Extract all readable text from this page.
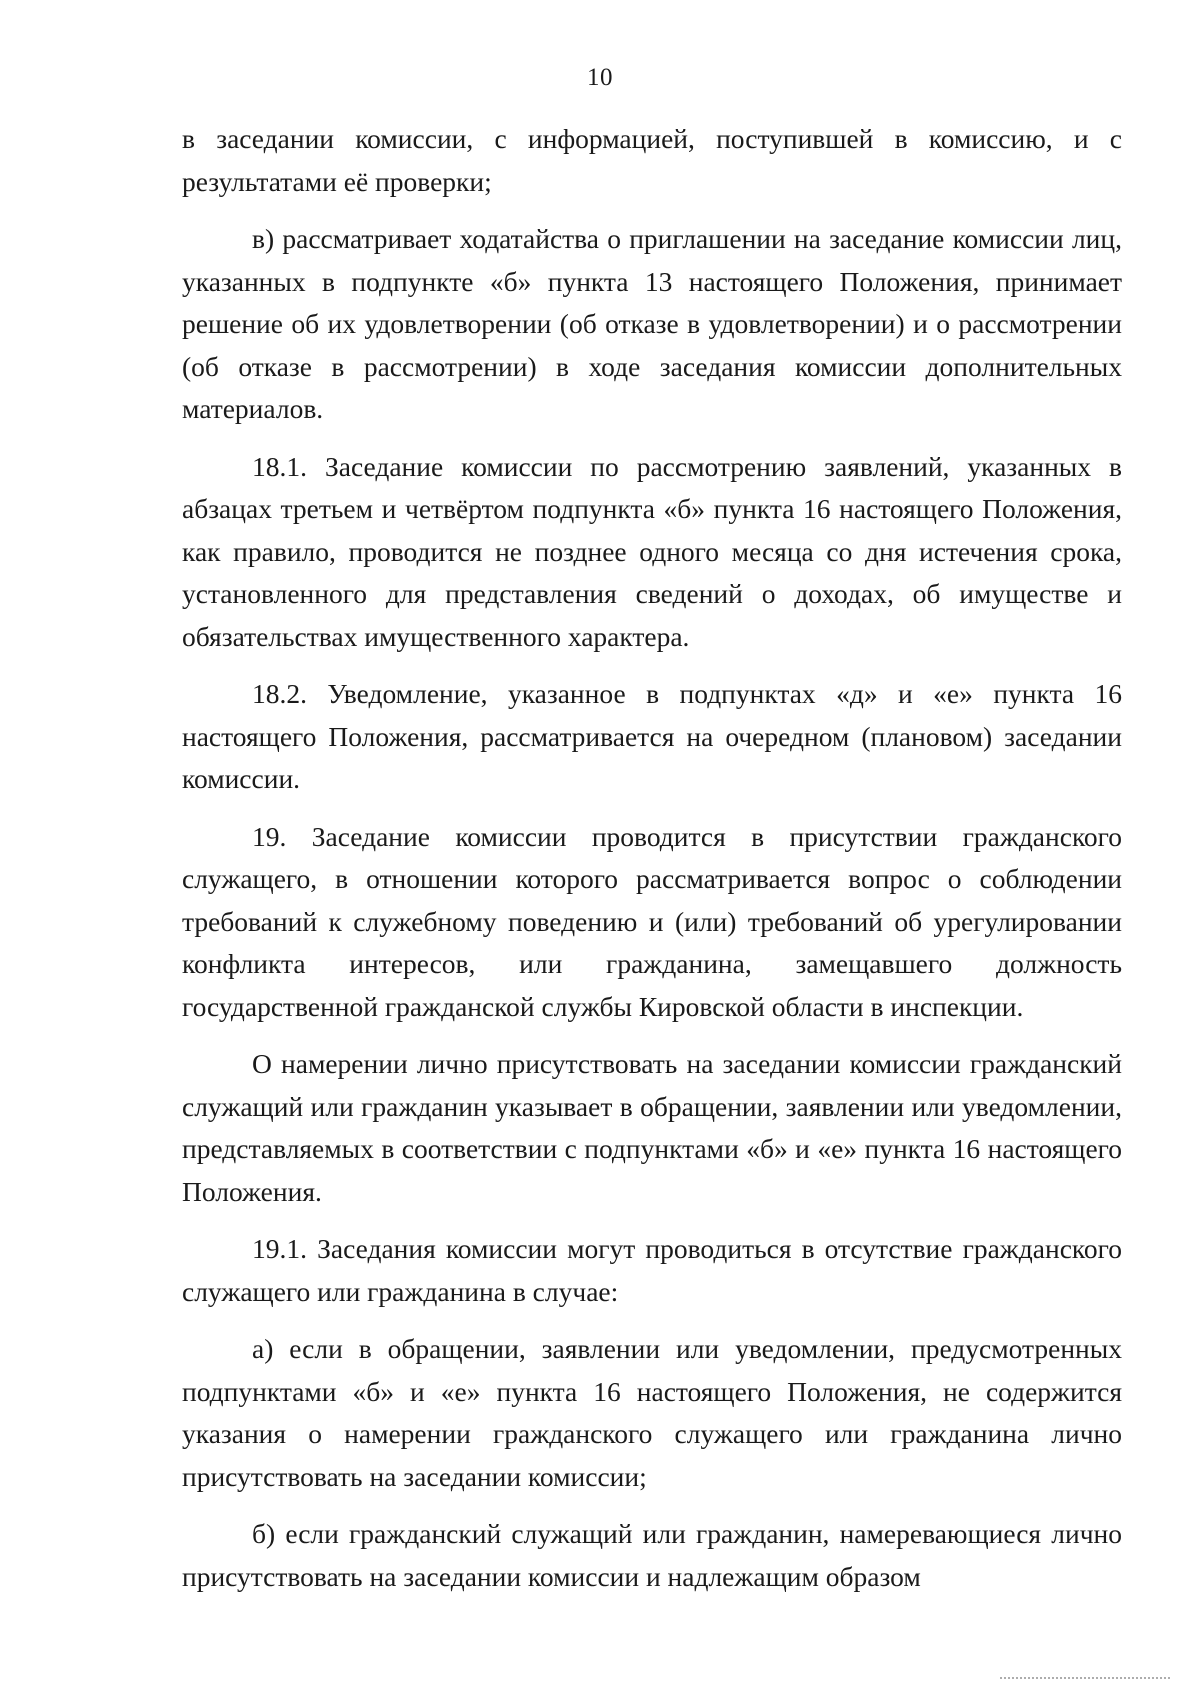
10

в заседании комиссии, с информацией, поступившей в комиссию, и с результатами её проверки;

в) рассматривает ходатайства о приглашении на заседание комиссии лиц, указанных в подпункте «б» пункта 13 настоящего Положения, принимает решение об их удовлетворении (об отказе в удовлетворении) и о рассмотрении (об отказе в рассмотрении) в ходе заседания комиссии дополнительных материалов.

18.1. Заседание комиссии по рассмотрению заявлений, указанных в абзацах третьем и четвёртом подпункта «б» пункта 16 настоящего Положения, как правило, проводится не позднее одного месяца со дня истечения срока, установленного для представления сведений о доходах, об имуществе и обязательствах имущественного характера.

18.2. Уведомление, указанное в подпунктах «д» и «е» пункта 16 настоящего Положения, рассматривается на очередном (плановом) заседании комиссии.

19. Заседание комиссии проводится в присутствии гражданского служащего, в отношении которого рассматривается вопрос о соблюдении требований к служебному поведению и (или) требований об урегулировании конфликта интересов, или гражданина, замещавшего должность государственной гражданской службы Кировской области в инспекции.

О намерении лично присутствовать на заседании комиссии гражданский служащий или гражданин указывает в обращении, заявлении или уведомлении, представляемых в соответствии с подпунктами «б» и «е» пункта 16 настоящего Положения.

19.1. Заседания комиссии могут проводиться в отсутствие гражданского служащего или гражданина в случае:

а) если в обращении, заявлении или уведомлении, предусмотренных подпунктами «б» и «е» пункта 16 настоящего Положения, не содержится указания о намерении гражданского служащего или гражданина лично присутствовать на заседании комиссии;

б) если гражданский служащий или гражданин, намеревающиеся лично присутствовать на заседании комиссии и надлежащим образом
